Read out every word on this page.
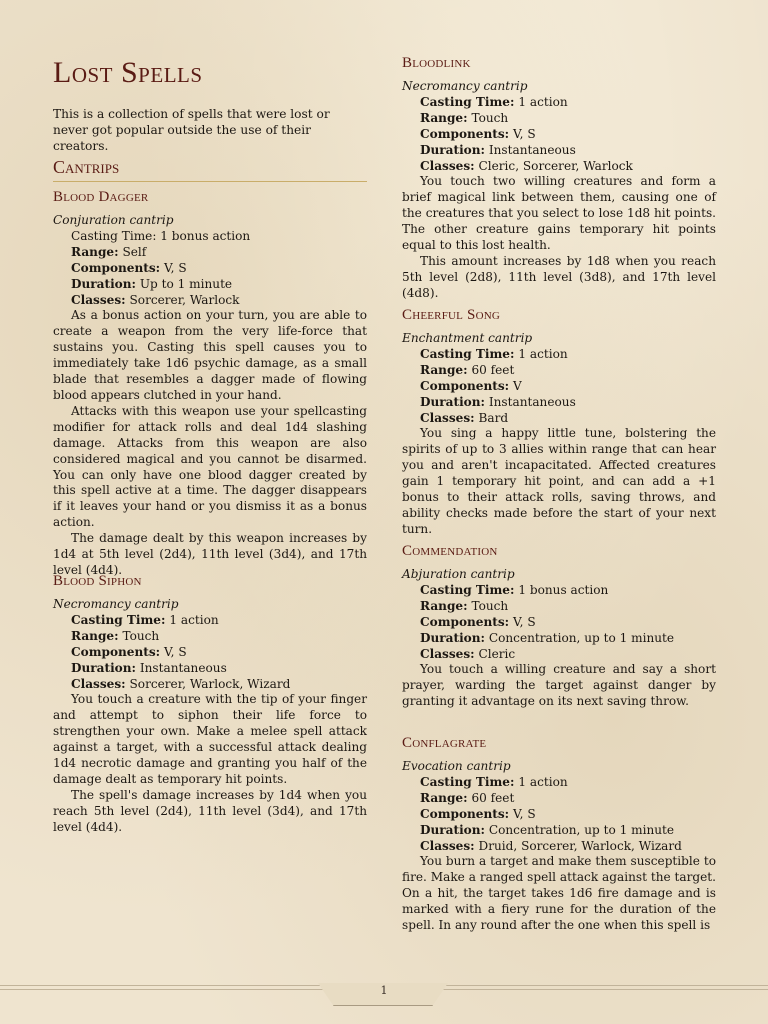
Lost Spells

This is a collection of spells that were lost or never got popular outside the use of their creators.

Cantrips
Blood Dagger

Conjuration cantrip

Casting Time: 1 bonus action

Range: Self

Components: V, S

Duration: Up to 1 minute

Classes: Sorcerer, Warlock

As a bonus action on your turn, you are able to create a weapon from the very life-force that sustains you. Casting this spell causes you to immediately take 1d6 psychic damage, as a small blade that resembles a dagger made of flowing blood appears clutched in your hand.

Attacks with this weapon use your spellcasting modifier for attack rolls and deal 1d4 slashing damage. Attacks from this weapon are also considered magical and you cannot be disarmed. You can only have one blood dagger created by this spell active at a time. The dagger disappears if it leaves your hand or you dismiss it as a bonus action.

The damage dealt by this weapon increases by 1d4 at 5th level (2d4), 11th level (3d4), and 17th level (4d4).

Blood Siphon

Necromancy cantrip

Casting Time: 1 action

Range: Touch

Components: V, S

Duration: Instantaneous

Classes: Sorcerer, Warlock, Wizard

You touch a creature with the tip of your finger and attempt to siphon their life force to strengthen your own. Make a melee spell attack against a target, with a successful attack dealing 1d4 necrotic damage and granting you half of the damage dealt as temporary hit points.

The spell's damage increases by 1d4 when you reach 5th level (2d4), 11th level (3d4), and 17th level (4d4).

Bloodlink

Necromancy cantrip

Casting Time: 1 action

Range: Touch

Components: V, S

Duration: Instantaneous

Classes: Cleric, Sorcerer, Warlock

You touch two willing creatures and form a brief magical link between them, causing one of the creatures that you select to lose 1d8 hit points. The other creature gains temporary hit points equal to this lost health.

This amount increases by 1d8 when you reach 5th level (2d8), 11th level (3d8), and 17th level (4d8).

Cheerful Song

Enchantment cantrip

Casting Time: 1 action

Range: 60 feet

Components: V

Duration: Instantaneous

Classes: Bard

You sing a happy little tune, bolstering the spirits of up to 3 allies within range that can hear you and aren't incapacitated. Affected creatures gain 1 temporary hit point, and can add a +1 bonus to their attack rolls, saving throws, and ability checks made before the start of your next turn.

Commendation

Abjuration cantrip

Casting Time: 1 bonus action

Range: Touch

Components: V, S

Duration: Concentration, up to 1 minute

Classes: Cleric

You touch a willing creature and say a short prayer, warding the target against danger by granting it advantage on its next saving throw.

Conflagrate

Evocation cantrip

Casting Time: 1 action

Range: 60 feet

Components: V, S

Duration: Concentration, up to 1 minute

Classes: Druid, Sorcerer, Warlock, Wizard

You burn a target and make them susceptible to fire. Make a ranged spell attack against the target. On a hit, the target takes 1d6 fire damage and is marked with a fiery rune for the duration of the spell. In any round after the one when this spell is

1
